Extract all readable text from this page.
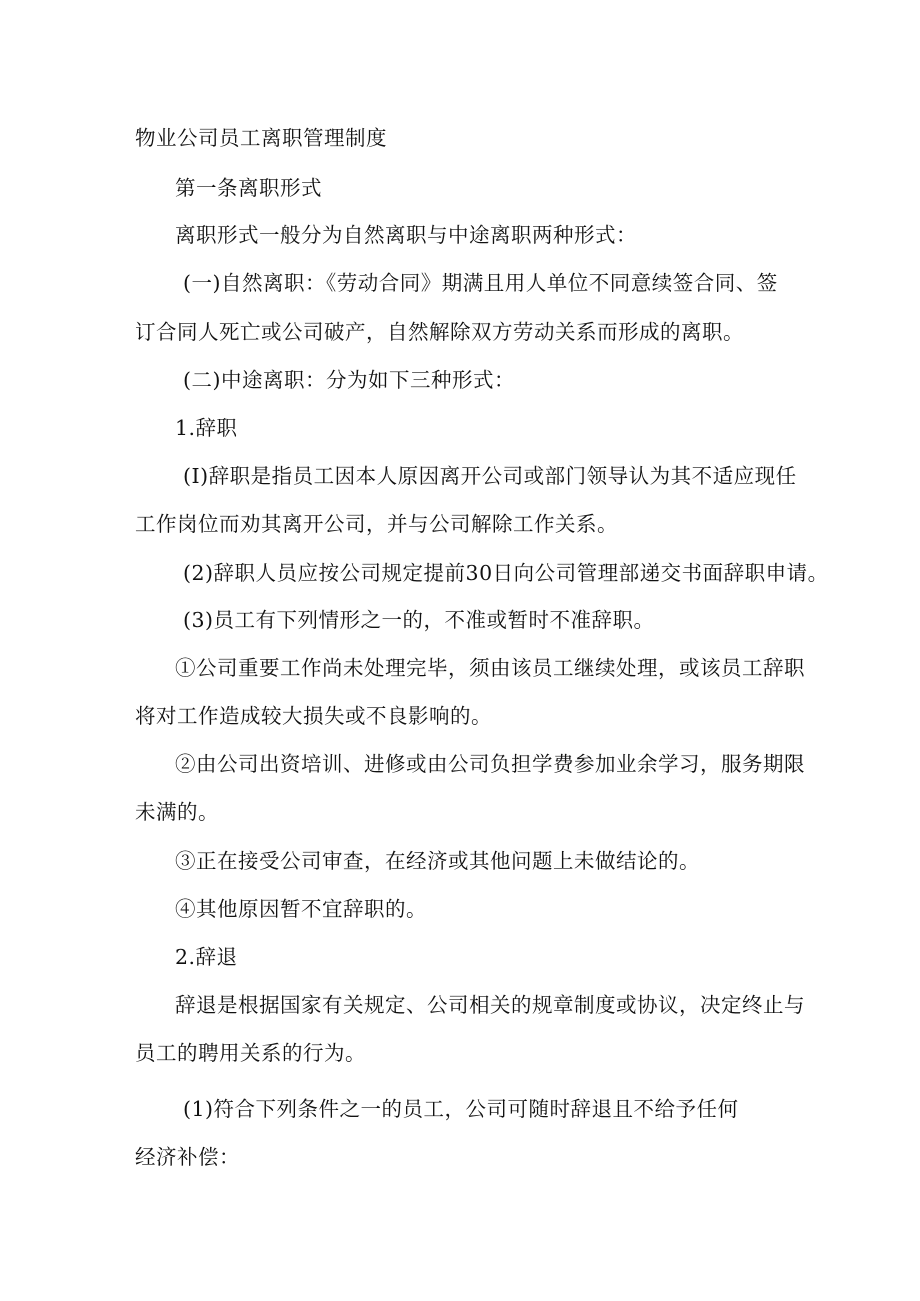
物业公司员工离职管理制度
第一条离职形式
离职形式一般分为自然离职与中途离职两种形式：
(一)自然离职：《劳动合同》期满且用人单位不同意续签合同、签
订合同人死亡或公司破产，自然解除双方劳动关系而形成的离职。
(二)中途离职：分为如下三种形式：
1.辞职
(I)辞职是指员工因本人原因离开公司或部门领导认为其不适应现任
工作岗位而劝其离开公司，并与公司解除工作关系。
(2)辞职人员应按公司规定提前30日向公司管理部递交书面辞职申请。
(3)员工有下列情形之一的，不准或暂时不准辞职。
①公司重要工作尚未处理完毕，须由该员工继续处理，或该员工辞职
将对工作造成较大损失或不良影响的。
②由公司出资培训、进修或由公司负担学费参加业余学习，服务期限
未满的。
③正在接受公司审查，在经济或其他问题上未做结论的。
④其他原因暂不宜辞职的。
2.辞退
辞退是根据国家有关规定、公司相关的规章制度或协议，决定终止与
员工的聘用关系的行为。
(1)符合下列条件之一的员工，公司可随时辞退且不给予任何
经济补偿：
